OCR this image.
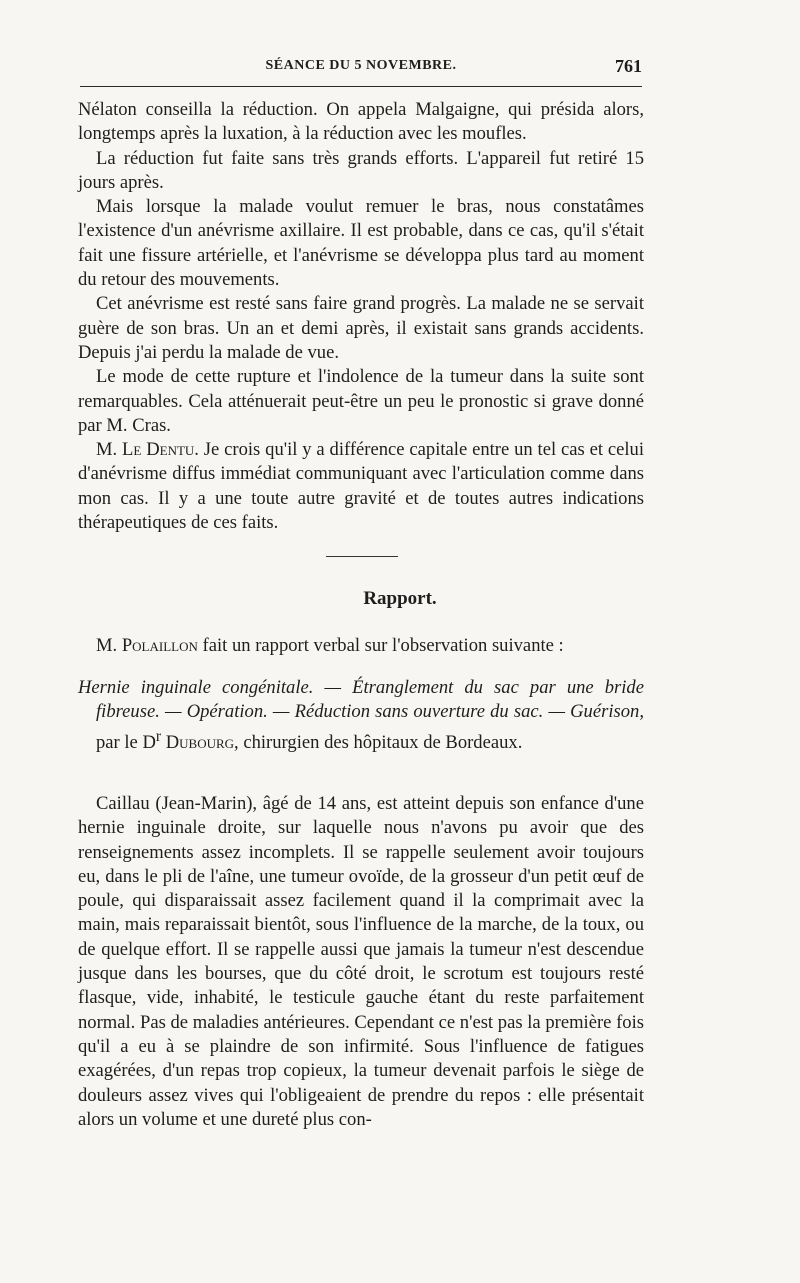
SÉANCE DU 5 NOVEMBRE.	761

Nélaton conseilla la réduction. On appela Malgaigne, qui présida alors, longtemps après la luxation, à la réduction avec les moufles.

La réduction fut faite sans très grands efforts. L'appareil fut retiré 15 jours après.

Mais lorsque la malade voulut remuer le bras, nous constatâmes l'existence d'un anévrisme axillaire. Il est probable, dans ce cas, qu'il s'était fait une fissure artérielle, et l'anévrisme se développa plus tard au moment du retour des mouvements.

Cet anévrisme est resté sans faire grand progrès. La malade ne se servait guère de son bras. Un an et demi après, il existait sans grands accidents. Depuis j'ai perdu la malade de vue.

Le mode de cette rupture et l'indolence de la tumeur dans la suite sont remarquables. Cela atténuerait peut-être un peu le pronostic si grave donné par M. Cras.

M. Le Dentu. Je crois qu'il y a différence capitale entre un tel cas et celui d'anévrisme diffus immédiat communiquant avec l'articulation comme dans mon cas. Il y a une toute autre gravité et de toutes autres indications thérapeutiques de ces faits.

Rapport.

M. Polaillon fait un rapport verbal sur l'observation suivante :

Hernie inguinale congénitale. — Étranglement du sac par une bride fibreuse. — Opération. — Réduction sans ouverture du sac. — Guérison, par le $D^r$ Dubourg, chirurgien des hôpitaux de Bordeaux.

Caillau (Jean-Marin), âgé de 14 ans, est atteint depuis son enfance d'une hernie inguinale droite, sur laquelle nous n'avons pu avoir que des renseignements assez incomplets. Il se rappelle seulement avoir toujours eu, dans le pli de l'aîne, une tumeur ovoïde, de la grosseur d'un petit œuf de poule, qui disparaissait assez facilement quand il la comprimait avec la main, mais reparaissait bientôt, sous l'influence de la marche, de la toux, ou de quelque effort. Il se rappelle aussi que jamais la tumeur n'est descendue jusque dans les bourses, que du côté droit, le scrotum est toujours resté flasque, vide, inhabité, le testicule gauche étant du reste parfaitement normal. Pas de maladies antérieures. Cependant ce n'est pas la première fois qu'il a eu à se plaindre de son infirmité. Sous l'influence de fatigues exagérées, d'un repas trop copieux, la tumeur devenait parfois le siège de douleurs assez vives qui l'obligeaient de prendre du repos : elle présentait alors un volume et une dureté plus con-
